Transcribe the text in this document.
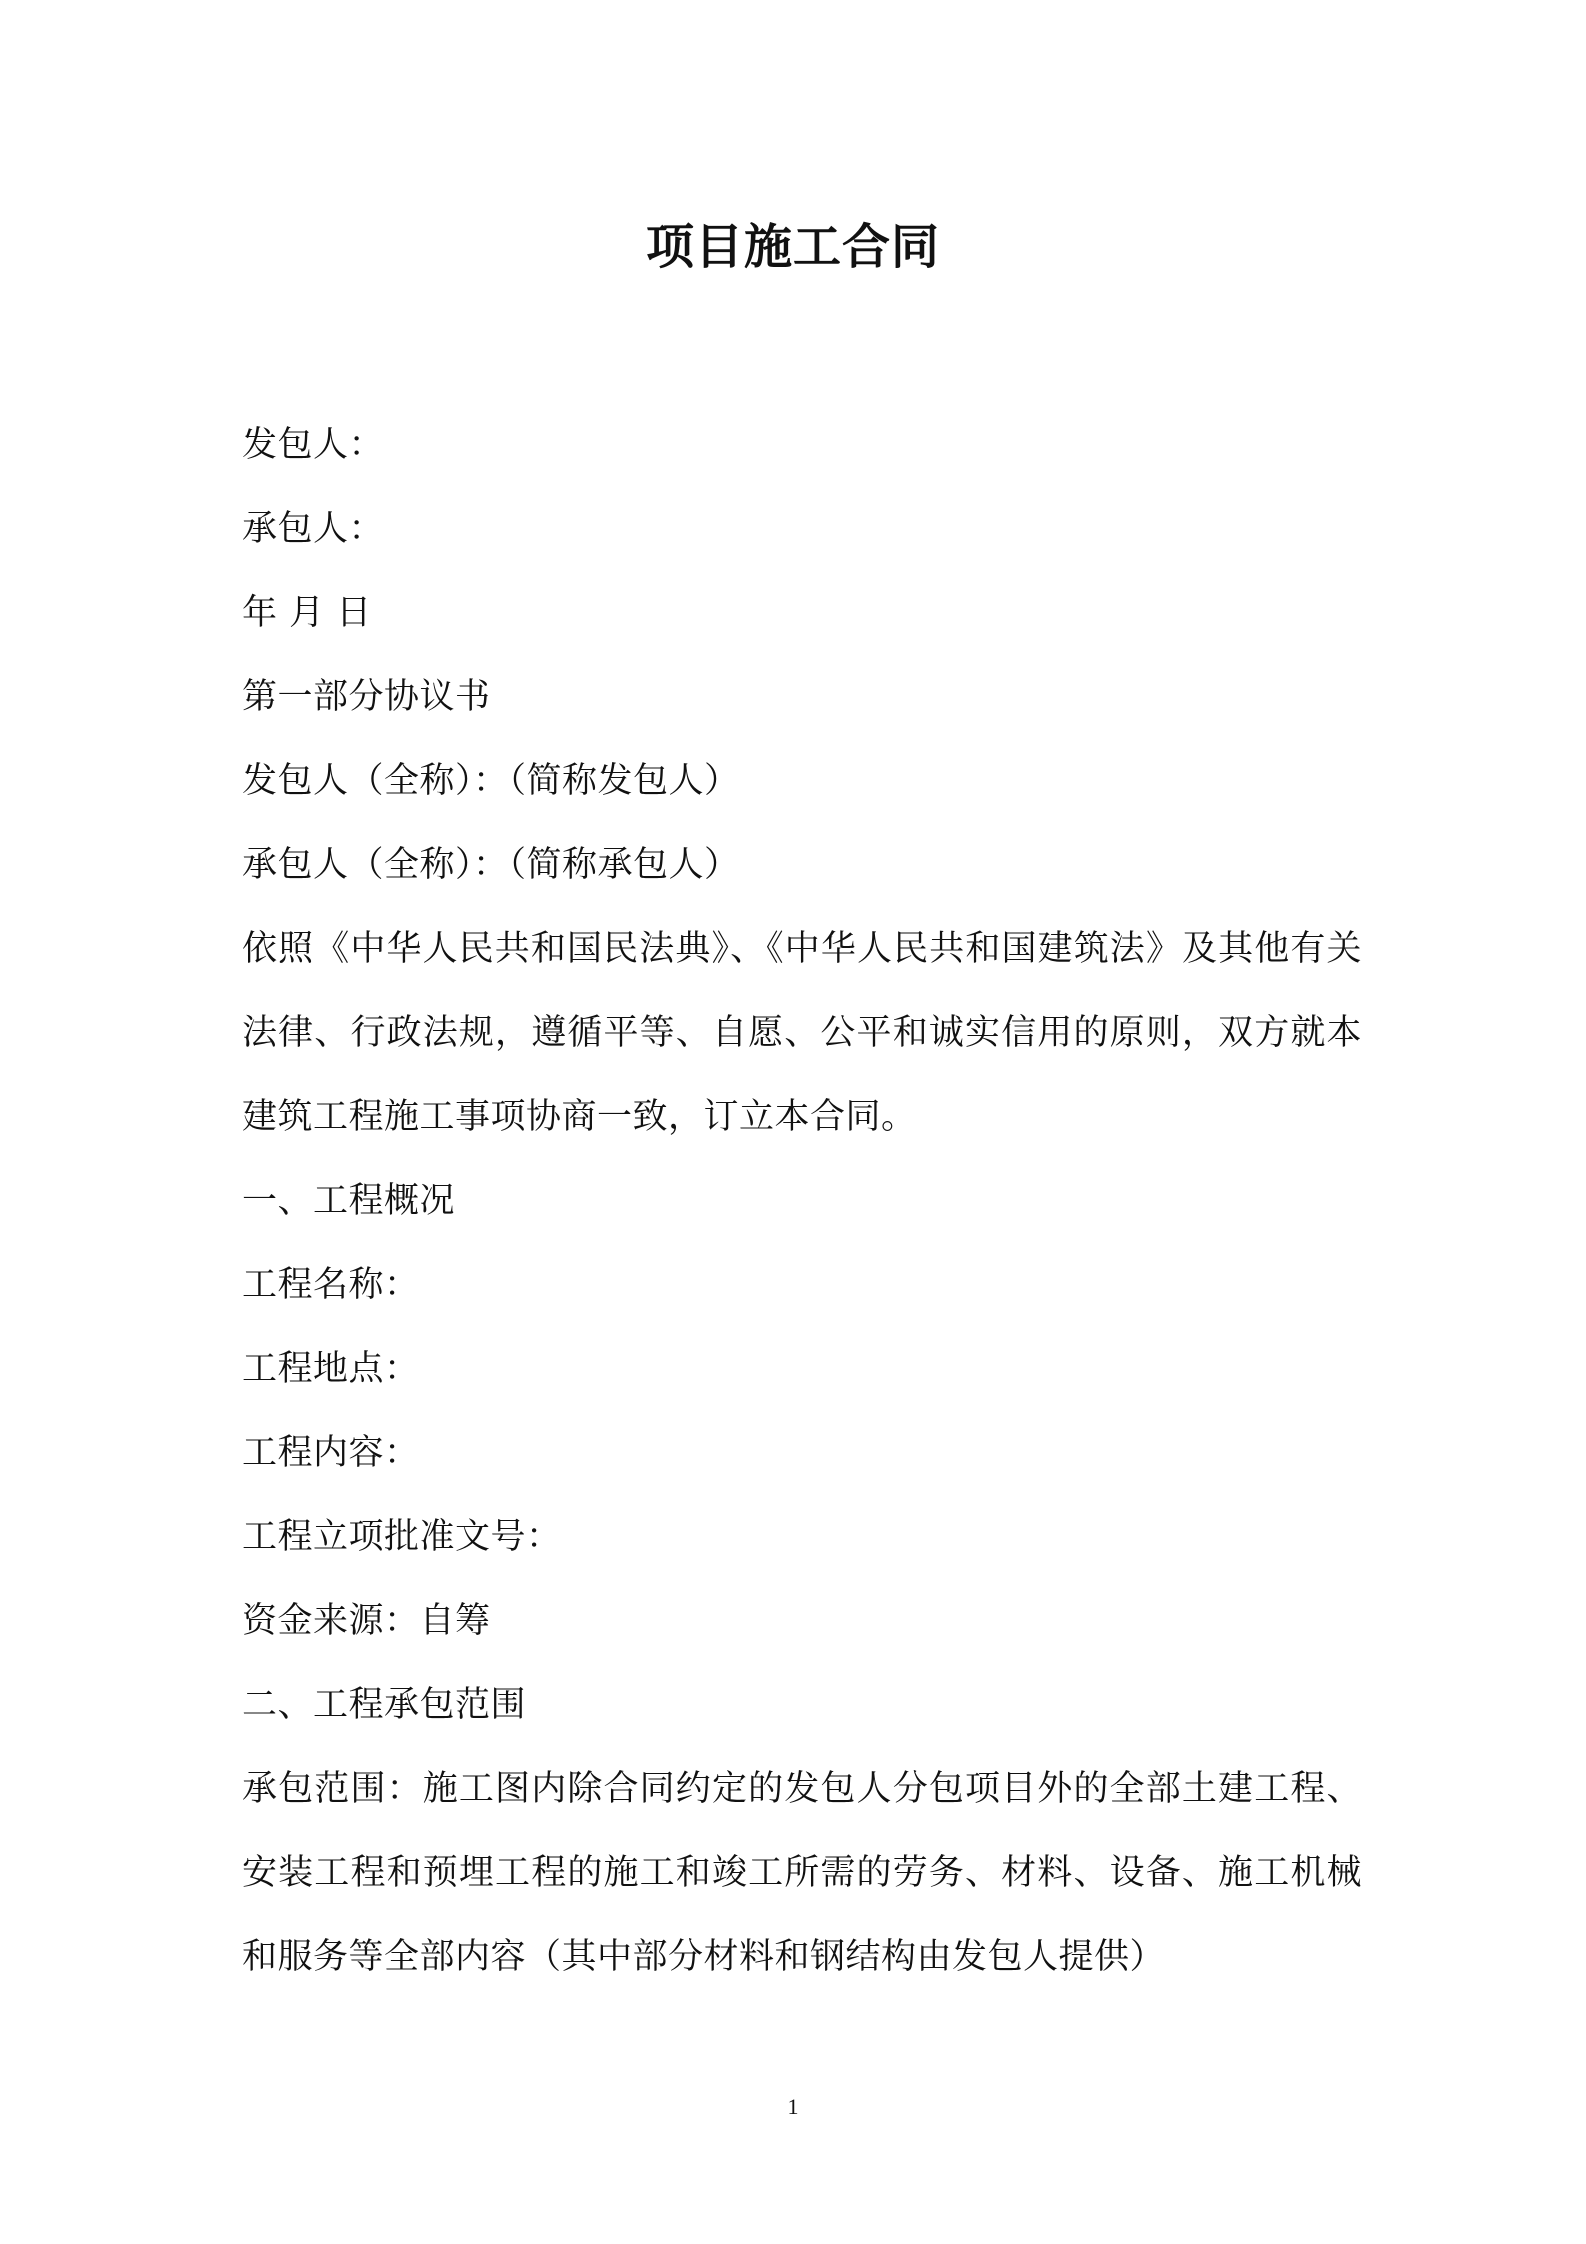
项目施工合同
发包人：
承包人：
年 月 日
第一部分协议书
发包人（全称）：（简称发包人）
承包人（全称）：（简称承包人）
依照《中华人民共和国民法典》、《中华人民共和国建筑法》及其他有关法律、行政法规，遵循平等、自愿、公平和诚实信用的原则，双方就本建筑工程施工事项协商一致，订立本合同。
一、工程概况
工程名称：
工程地点：
工程内容：
工程立项批准文号：
资金来源：自筹
二、工程承包范围
承包范围：施工图内除合同约定的发包人分包项目外的全部土建工程、安装工程和预埋工程的施工和竣工所需的劳务、材料、设备、施工机械和服务等全部内容（其中部分材料和钢结构由发包人提供）
1
